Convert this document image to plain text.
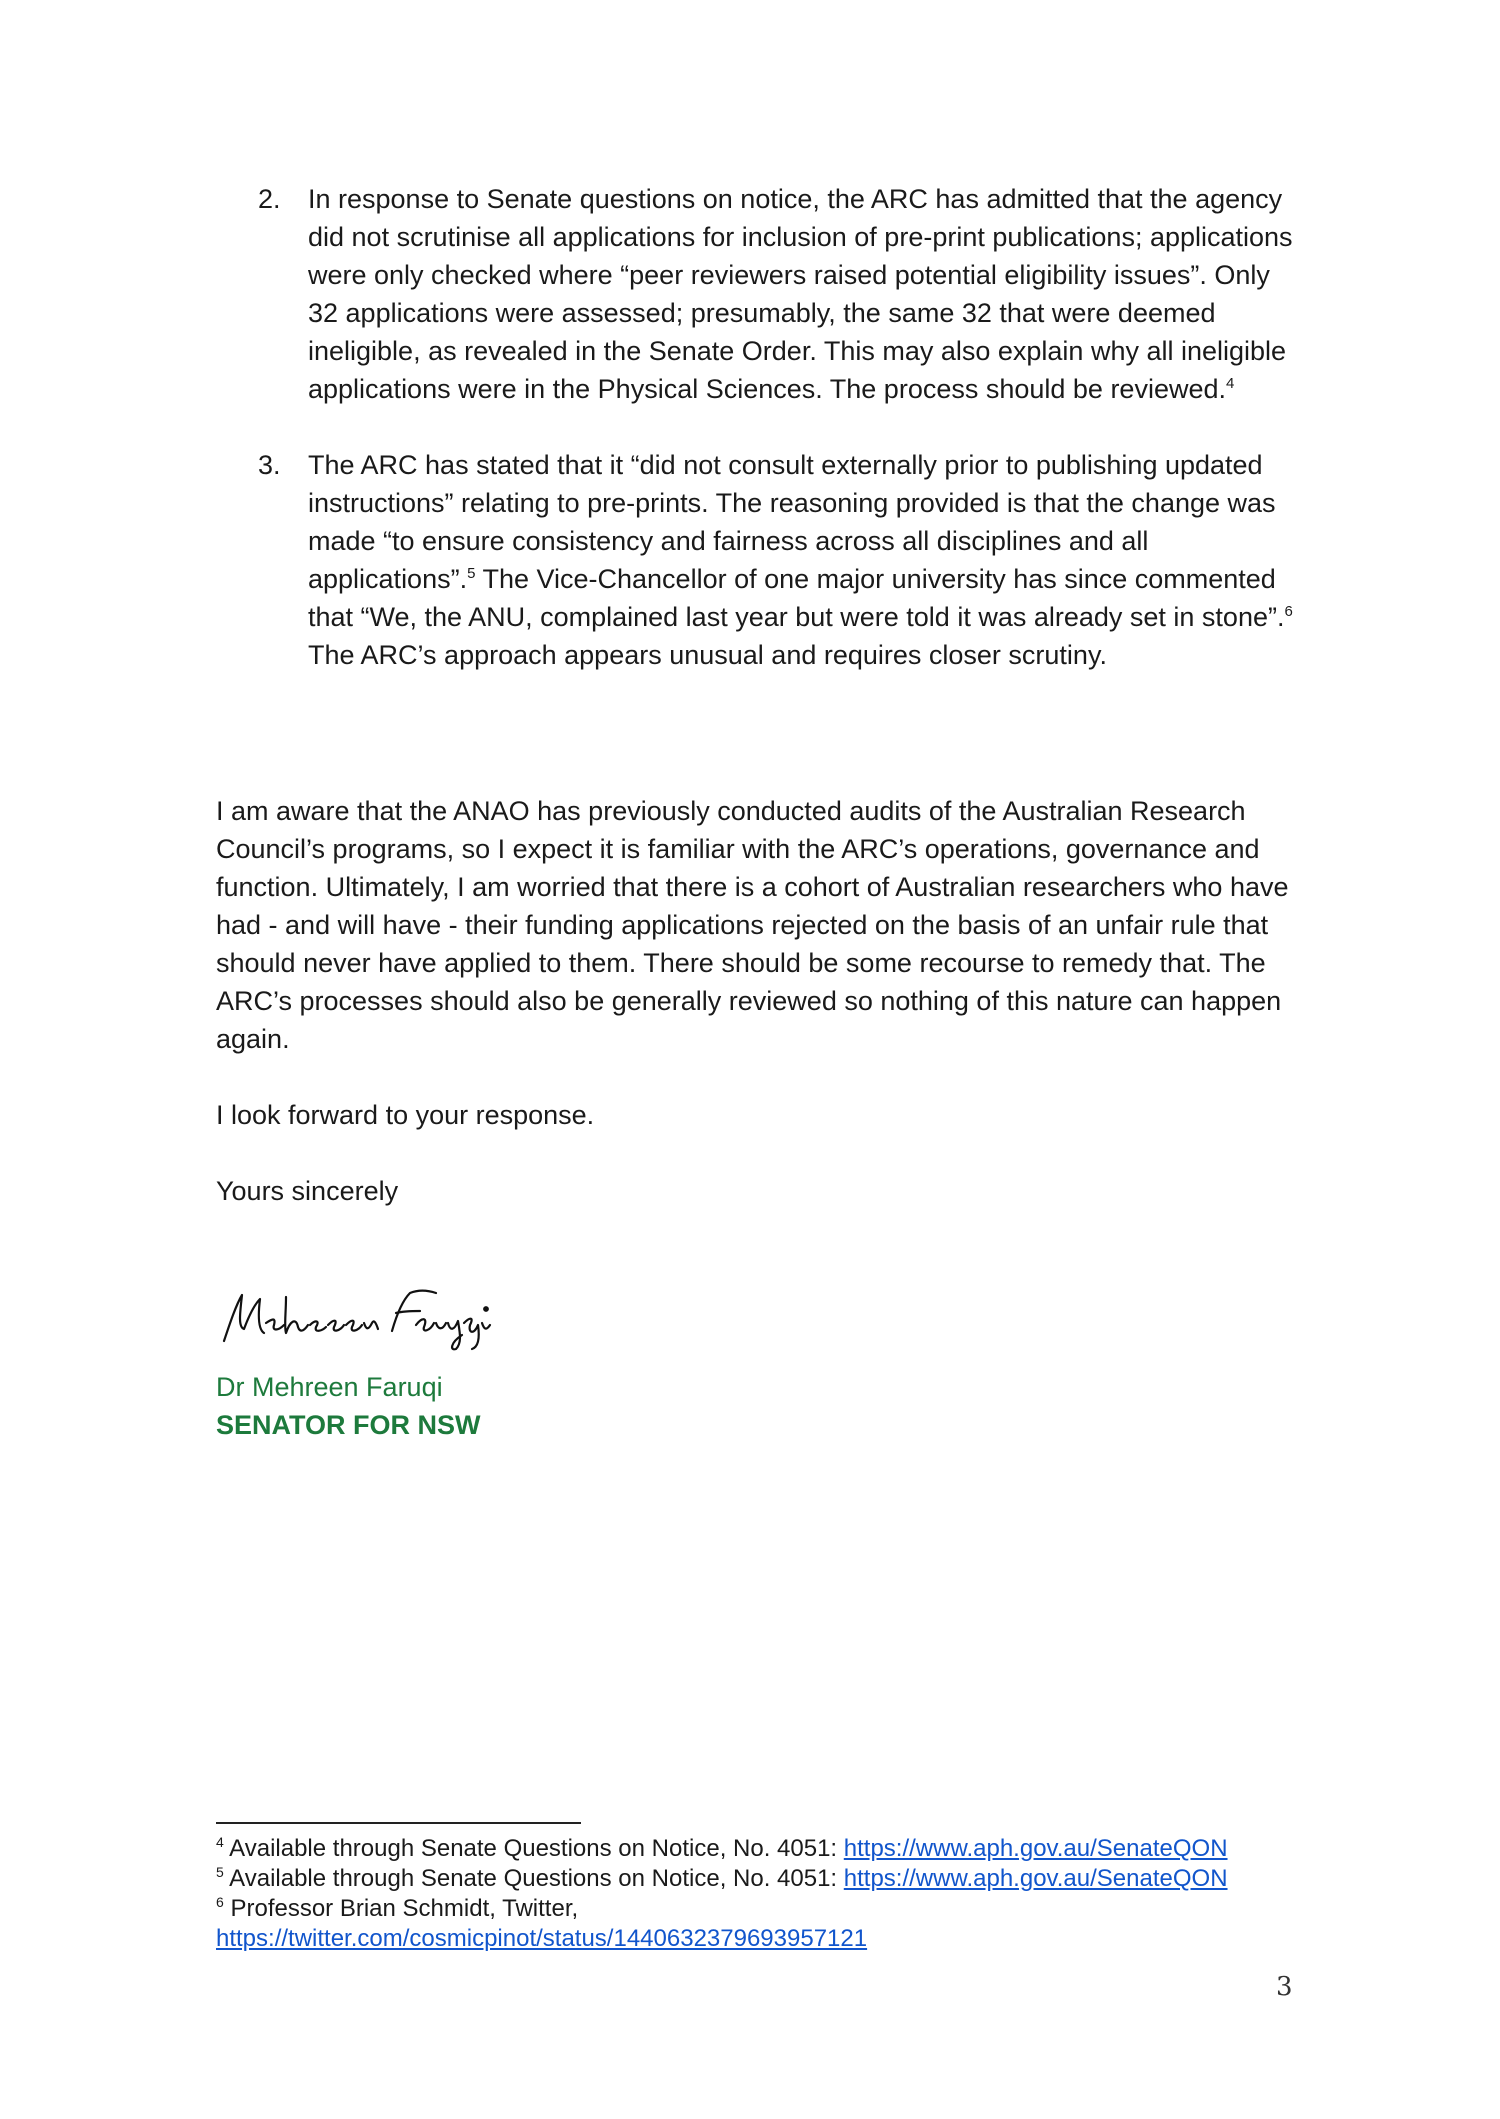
2. In response to Senate questions on notice, the ARC has admitted that the agency did not scrutinise all applications for inclusion of pre-print publications; applications were only checked where “peer reviewers raised potential eligibility issues”. Only 32 applications were assessed; presumably, the same 32 that were deemed ineligible, as revealed in the Senate Order. This may also explain why all ineligible applications were in the Physical Sciences. The process should be reviewed.$^4$
3. The ARC has stated that it “did not consult externally prior to publishing updated instructions” relating to pre-prints. The reasoning provided is that the change was made “to ensure consistency and fairness across all disciplines and all applications”.$^5$ The Vice-Chancellor of one major university has since commented that “We, the ANU, complained last year but were told it was already set in stone”.$^6$ The ARC’s approach appears unusual and requires closer scrutiny.

I am aware that the ANAO has previously conducted audits of the Australian Research Council’s programs, so I expect it is familiar with the ARC’s operations, governance and function. Ultimately, I am worried that there is a cohort of Australian researchers who have had - and will have - their funding applications rejected on the basis of an unfair rule that should never have applied to them. There should be some recourse to remedy that. The ARC’s processes should also be generally reviewed so nothing of this nature can happen again.

I look forward to your response.

Yours sincerely

Dr Mehreen Faruqi
SENATOR FOR NSW
$^4$ Available through Senate Questions on Notice, No. 4051: https://www.aph.gov.au/SenateQON
$^5$ Available through Senate Questions on Notice, No. 4051: https://www.aph.gov.au/SenateQON
$^6$ Professor Brian Schmidt, Twitter,
https://twitter.com/cosmicpinot/status/1440632379693957121
3
